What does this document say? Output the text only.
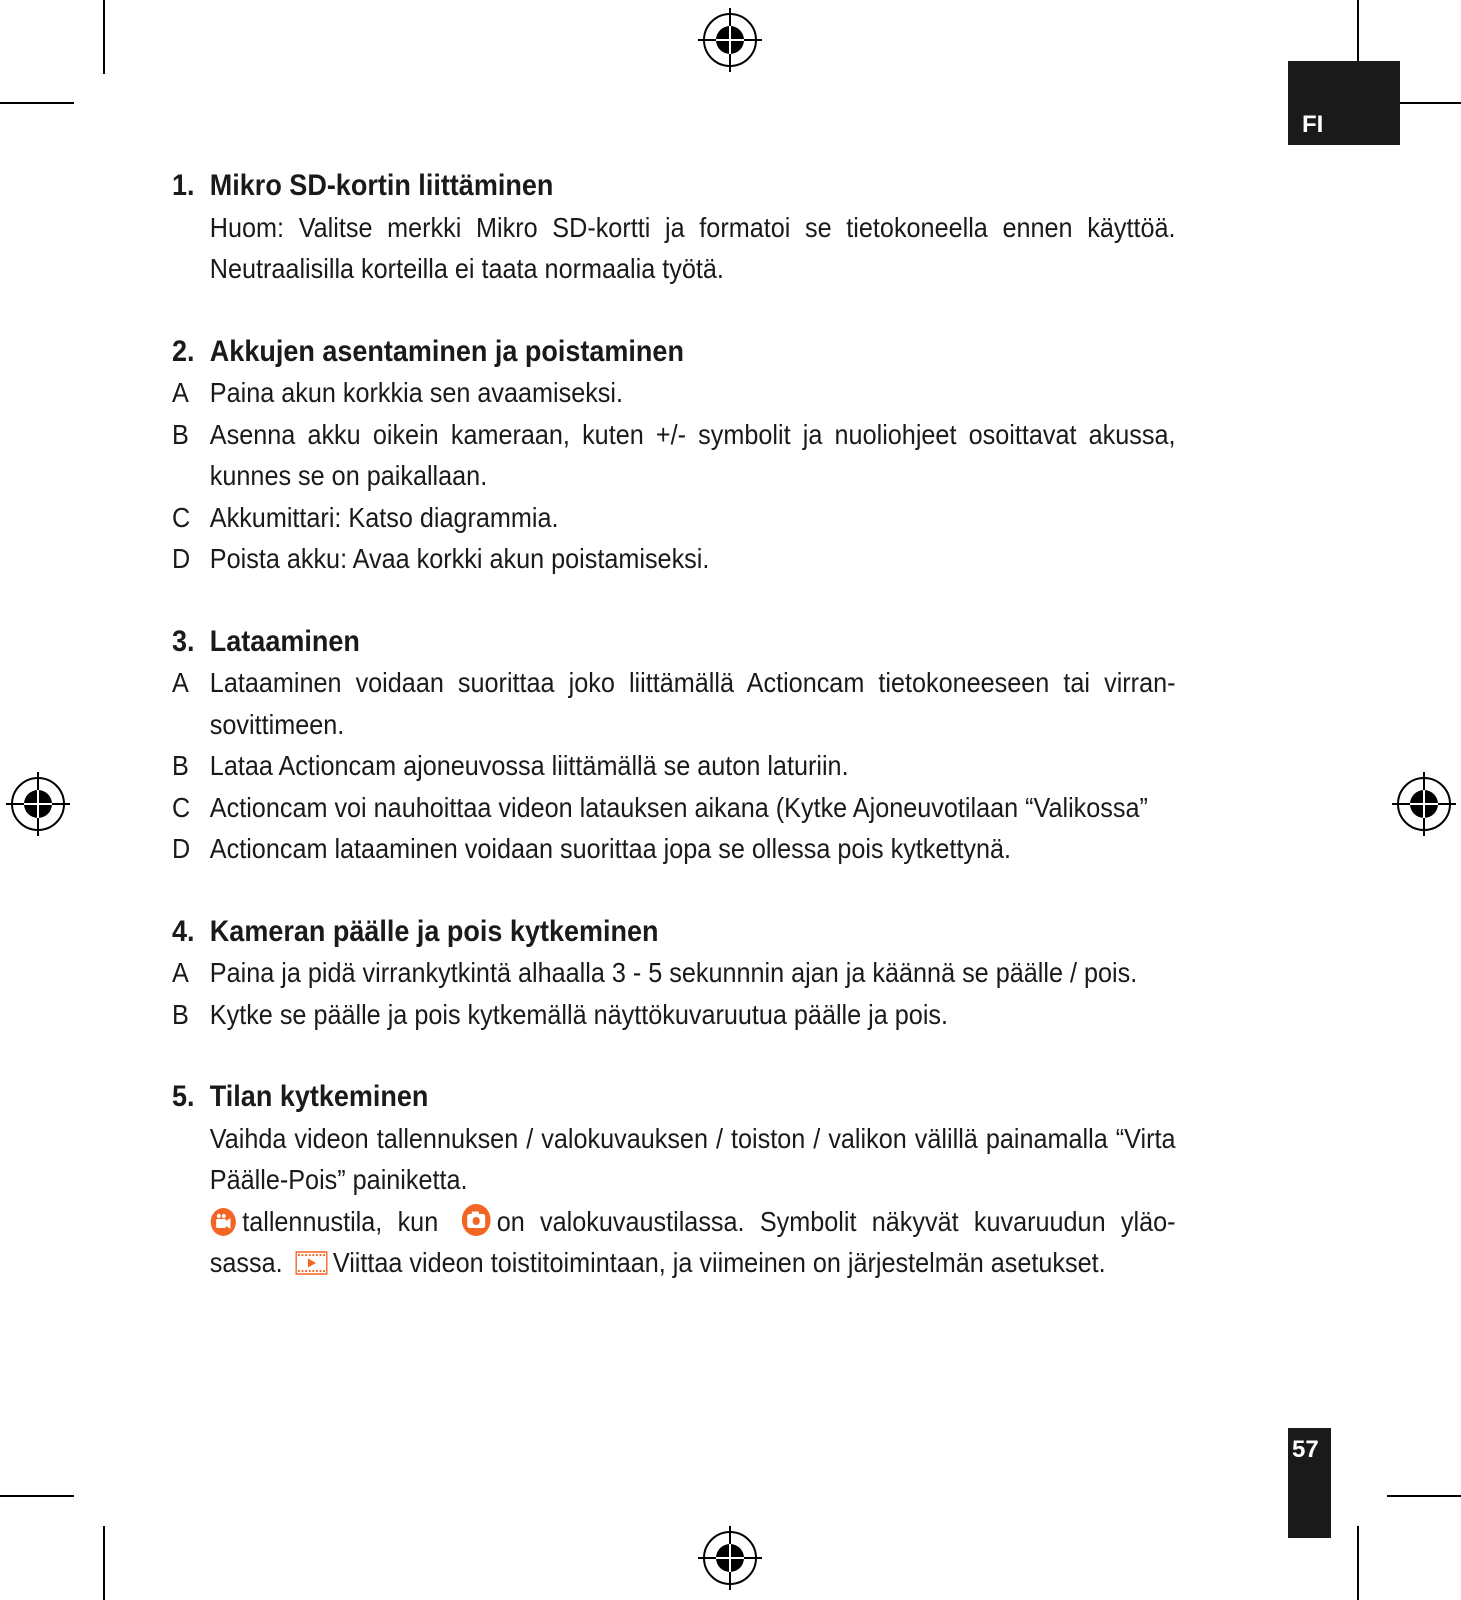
FI
57
1. Mikro SD-kortin liittäminen
Huom: Valitse merkki Mikro SD-kortti ja formatoi se tietokoneella ennen käyttöä. Neutraalisilla korteilla ei taata normaalia työtä.
2. Akkujen asentaminen ja poistaminen
A Paina akun korkkia sen avaamiseksi.
B Asenna akku oikein kameraan, kuten +/- symbolit ja nuoliohjeet osoittavat akussa, kunnes se on paikallaan.
C Akkumittari: Katso diagrammia.
D Poista akku: Avaa korkki akun poistamiseksi.
3. Lataaminen
A Lataaminen voidaan suorittaa joko liittämällä Actioncam tietokoneeseen tai virran-sovittimeen.
B Lataa Actioncam ajoneuvossa liittämällä se auton laturiin.
C Actioncam voi nauhoittaa videon latauksen aikana (Kytke Ajoneuvotilaan “Valikossa”
D Actioncam lataaminen voidaan suorittaa jopa se ollessa pois kytkettynä.
4. Kameran päälle ja pois kytkeminen
A Paina ja pidä virrankytkintä alhaalla 3 - 5 sekunnnin ajan ja käännä se päälle / pois.
B Kytke se päälle ja pois kytkemällä näyttökuvaruutua päälle ja pois.
5. Tilan kytkeminen
Vaihda videon tallennuksen / valokuvauksen / toiston / valikon välillä painamalla “Virta Päälle-Pois” painiketta.
tallennustila, kun on valokuvaustilassa. Symbolit näkyvät kuvaruudun yläo-sassa. Viittaa videon toistitoimintaan, ja viimeinen on järjestelmän asetukset.
